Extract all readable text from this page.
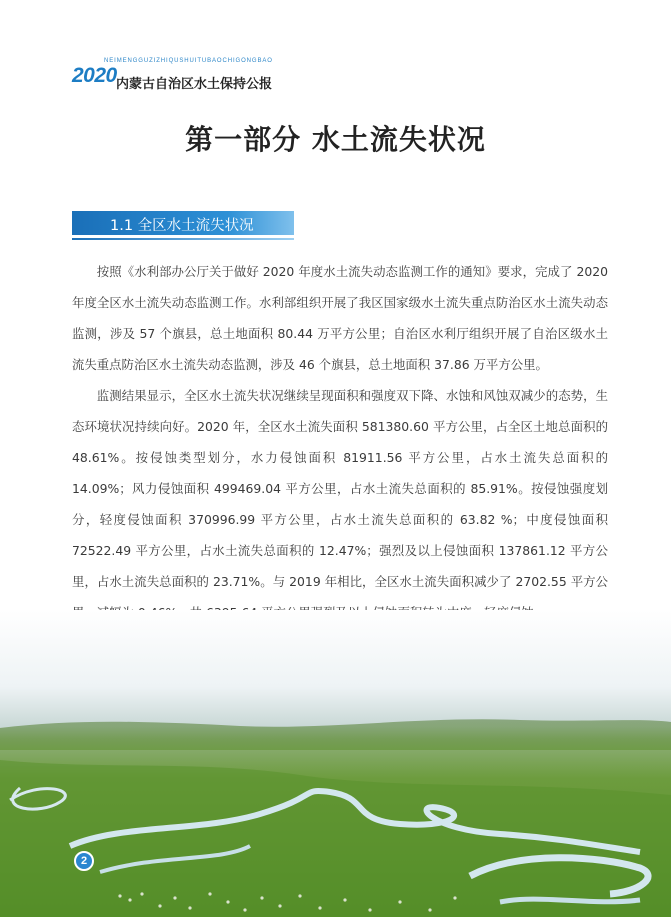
NEIMENGGUZIZHIQUSHUITUBAOCHIGONGBAO
2020 内蒙古自治区水土保持公报
第一部分 水土流失状况
1.1 全区水土流失状况

按照《水利部办公厅关于做好 2020 年度水土流失动态监测工作的通知》要求，完成了 2020 年度全区水土流失动态监测工作。水利部组织开展了我区国家级水土流失重点防治区水土流失动态监测，涉及 57 个旗县，总土地面积 80.44 万平方公里；自治区水利厅组织开展了自治区级水土流失重点防治区水土流失动态监测，涉及 46 个旗县，总土地面积 37.86 万平方公里。

监测结果显示，全区水土流失状况继续呈现面积和强度双下降、水蚀和风蚀双减少的态势，生态环境状况持续向好。2020 年，全区水土流失面积 581380.60 平方公里，占全区土地总面积的 48.61%。按侵蚀类型划分，水力侵蚀面积 81911.56 平方公里，占水土流失总面积的 14.09%；风力侵蚀面积 499469.04 平方公里，占水土流失总面积的 85.91%。按侵蚀强度划分，轻度侵蚀面积 370996.99 平方公里，占水土流失总面积的 63.82 %；中度侵蚀面积 72522.49 平方公里，占水土流失总面积的 12.47%；强烈及以上侵蚀面积 137861.12 平方公里，占水土流失总面积的 23.71%。与 2019 年相比，全区水土流失面积减少了 2702.55 平方公

2
